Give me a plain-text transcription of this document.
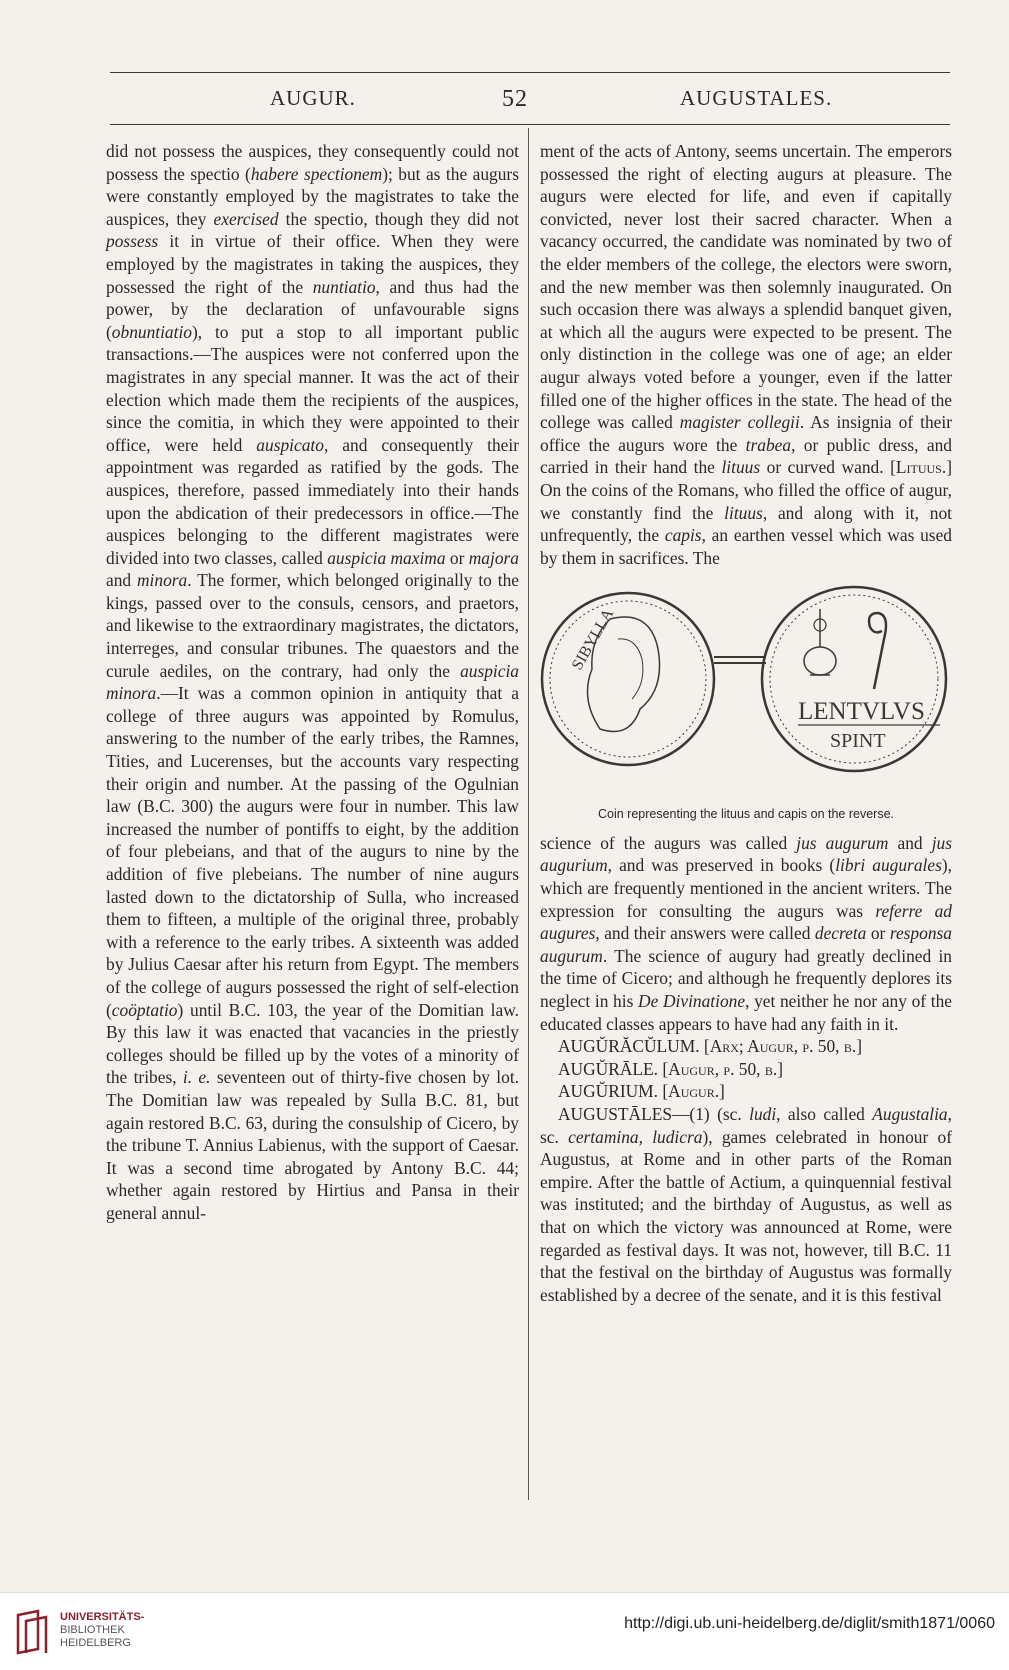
AUGUR.	52	AUGUSTALES.

did not possess the auspices, they consequently could not possess the spectio (habere spectionem); but as the augurs were constantly employed by the magistrates to take the auspices, they exercised the spectio, though they did not possess it in virtue of their office. When they were employed by the magistrates in taking the auspices, they possessed the right of the nuntiatio, and thus had the power, by the declaration of unfavourable signs (obnuntiatio), to put a stop to all important public transactions.—The auspices were not conferred upon the magistrates in any special manner. It was the act of their election which made them the recipients of the auspices, since the comitia, in which they were appointed to their office, were held auspicato, and consequently their appointment was regarded as ratified by the gods. The auspices, therefore, passed immediately into their hands upon the abdication of their predecessors in office.—The auspices belonging to the different magistrates were divided into two classes, called auspicia maxima or majora and minora. The former, which belonged originally to the kings, passed over to the consuls, censors, and praetors, and likewise to the extraordinary magistrates, the dictators, interreges, and consular tribunes. The quaestors and the curule aediles, on the contrary, had only the auspicia minora.—It was a common opinion in antiquity that a college of three augurs was appointed by Romulus, answering to the number of the early tribes, the Ramnes, Tities, and Lucerenses, but the accounts vary respecting their origin and number. At the passing of the Ogulnian law (B.C. 300) the augurs were four in number. This law increased the number of pontiffs to eight, by the addition of four plebeians, and that of the augurs to nine by the addition of five plebeians. The number of nine augurs lasted down to the dictatorship of Sulla, who increased them to fifteen, a multiple of the original three, probably with a reference to the early tribes. A sixteenth was added by Julius Caesar after his return from Egypt. The members of the college of augurs possessed the right of self-election (coöptatio) until B.C. 103, the year of the Domitian law. By this law it was enacted that vacancies in the priestly colleges should be filled up by the votes of a minority of the tribes, i. e. seventeen out of thirty-five chosen by lot. The Domitian law was repealed by Sulla B.C. 81, but again restored B.C. 63, during the consulship of Cicero, by the tribune T. Annius Labienus, with the support of Caesar. It was a second time abrogated by Antony B.C. 44; whether again restored by Hirtius and Pansa in their general annul-

ment of the acts of Antony, seems uncertain. The emperors possessed the right of electing augurs at pleasure. The augurs were elected for life, and even if capitally convicted, never lost their sacred character. When a vacancy occurred, the candidate was nominated by two of the elder members of the college, the electors were sworn, and the new member was then solemnly inaugurated. On such occasion there was always a splendid banquet given, at which all the augurs were expected to be present. The only distinction in the college was one of age; an elder augur always voted before a younger, even if the latter filled one of the higher offices in the state. The head of the college was called magister collegii. As insignia of their office the augurs wore the trabea, or public dress, and carried in their hand the lituus or curved wand. [Lituus.] On the coins of the Romans, who filled the office of augur, we constantly find the lituus, and along with it, not unfrequently, the capis, an earthen vessel which was used by them in sacrifices. The

SIBYLLA
LENTVLVS
SPINT
Coin representing the lituus and capis on the reverse.

science of the augurs was called jus augurum and jus augurium, and was preserved in books (libri augurales), which are frequently mentioned in the ancient writers. The expression for consulting the augurs was referre ad augures, and their answers were called decreta or responsa augurum. The science of augury had greatly declined in the time of Cicero; and although he frequently deplores its neglect in his De Divinatione, yet neither he nor any of the educated classes appears to have had any faith in it.

AUGŬRĂCŬLUM. [Arx; Augur, p. 50, b.]

AUGŬRĀLE. [Augur, p. 50, b.]

AUGŬRIUM. [Augur.]

AUGUSTĀLES—(1) (sc. ludi, also called Augustalia, sc. certamina, ludicra), games celebrated in honour of Augustus, at Rome and in other parts of the Roman empire. After the battle of Actium, a quinquennial festival was instituted; and the birthday of Augustus, as well as that on which the victory was announced at Rome, were regarded as festival days. It was not, however, till B.C. 11 that the festival on the birthday of Augustus was formally established by a decree of the senate, and it is this festival

UNIVERSITÄTS-
BIBLIOTHEK
HEIDELBERG
http://digi.ub.uni-heidelberg.de/diglit/smith1871/0060
